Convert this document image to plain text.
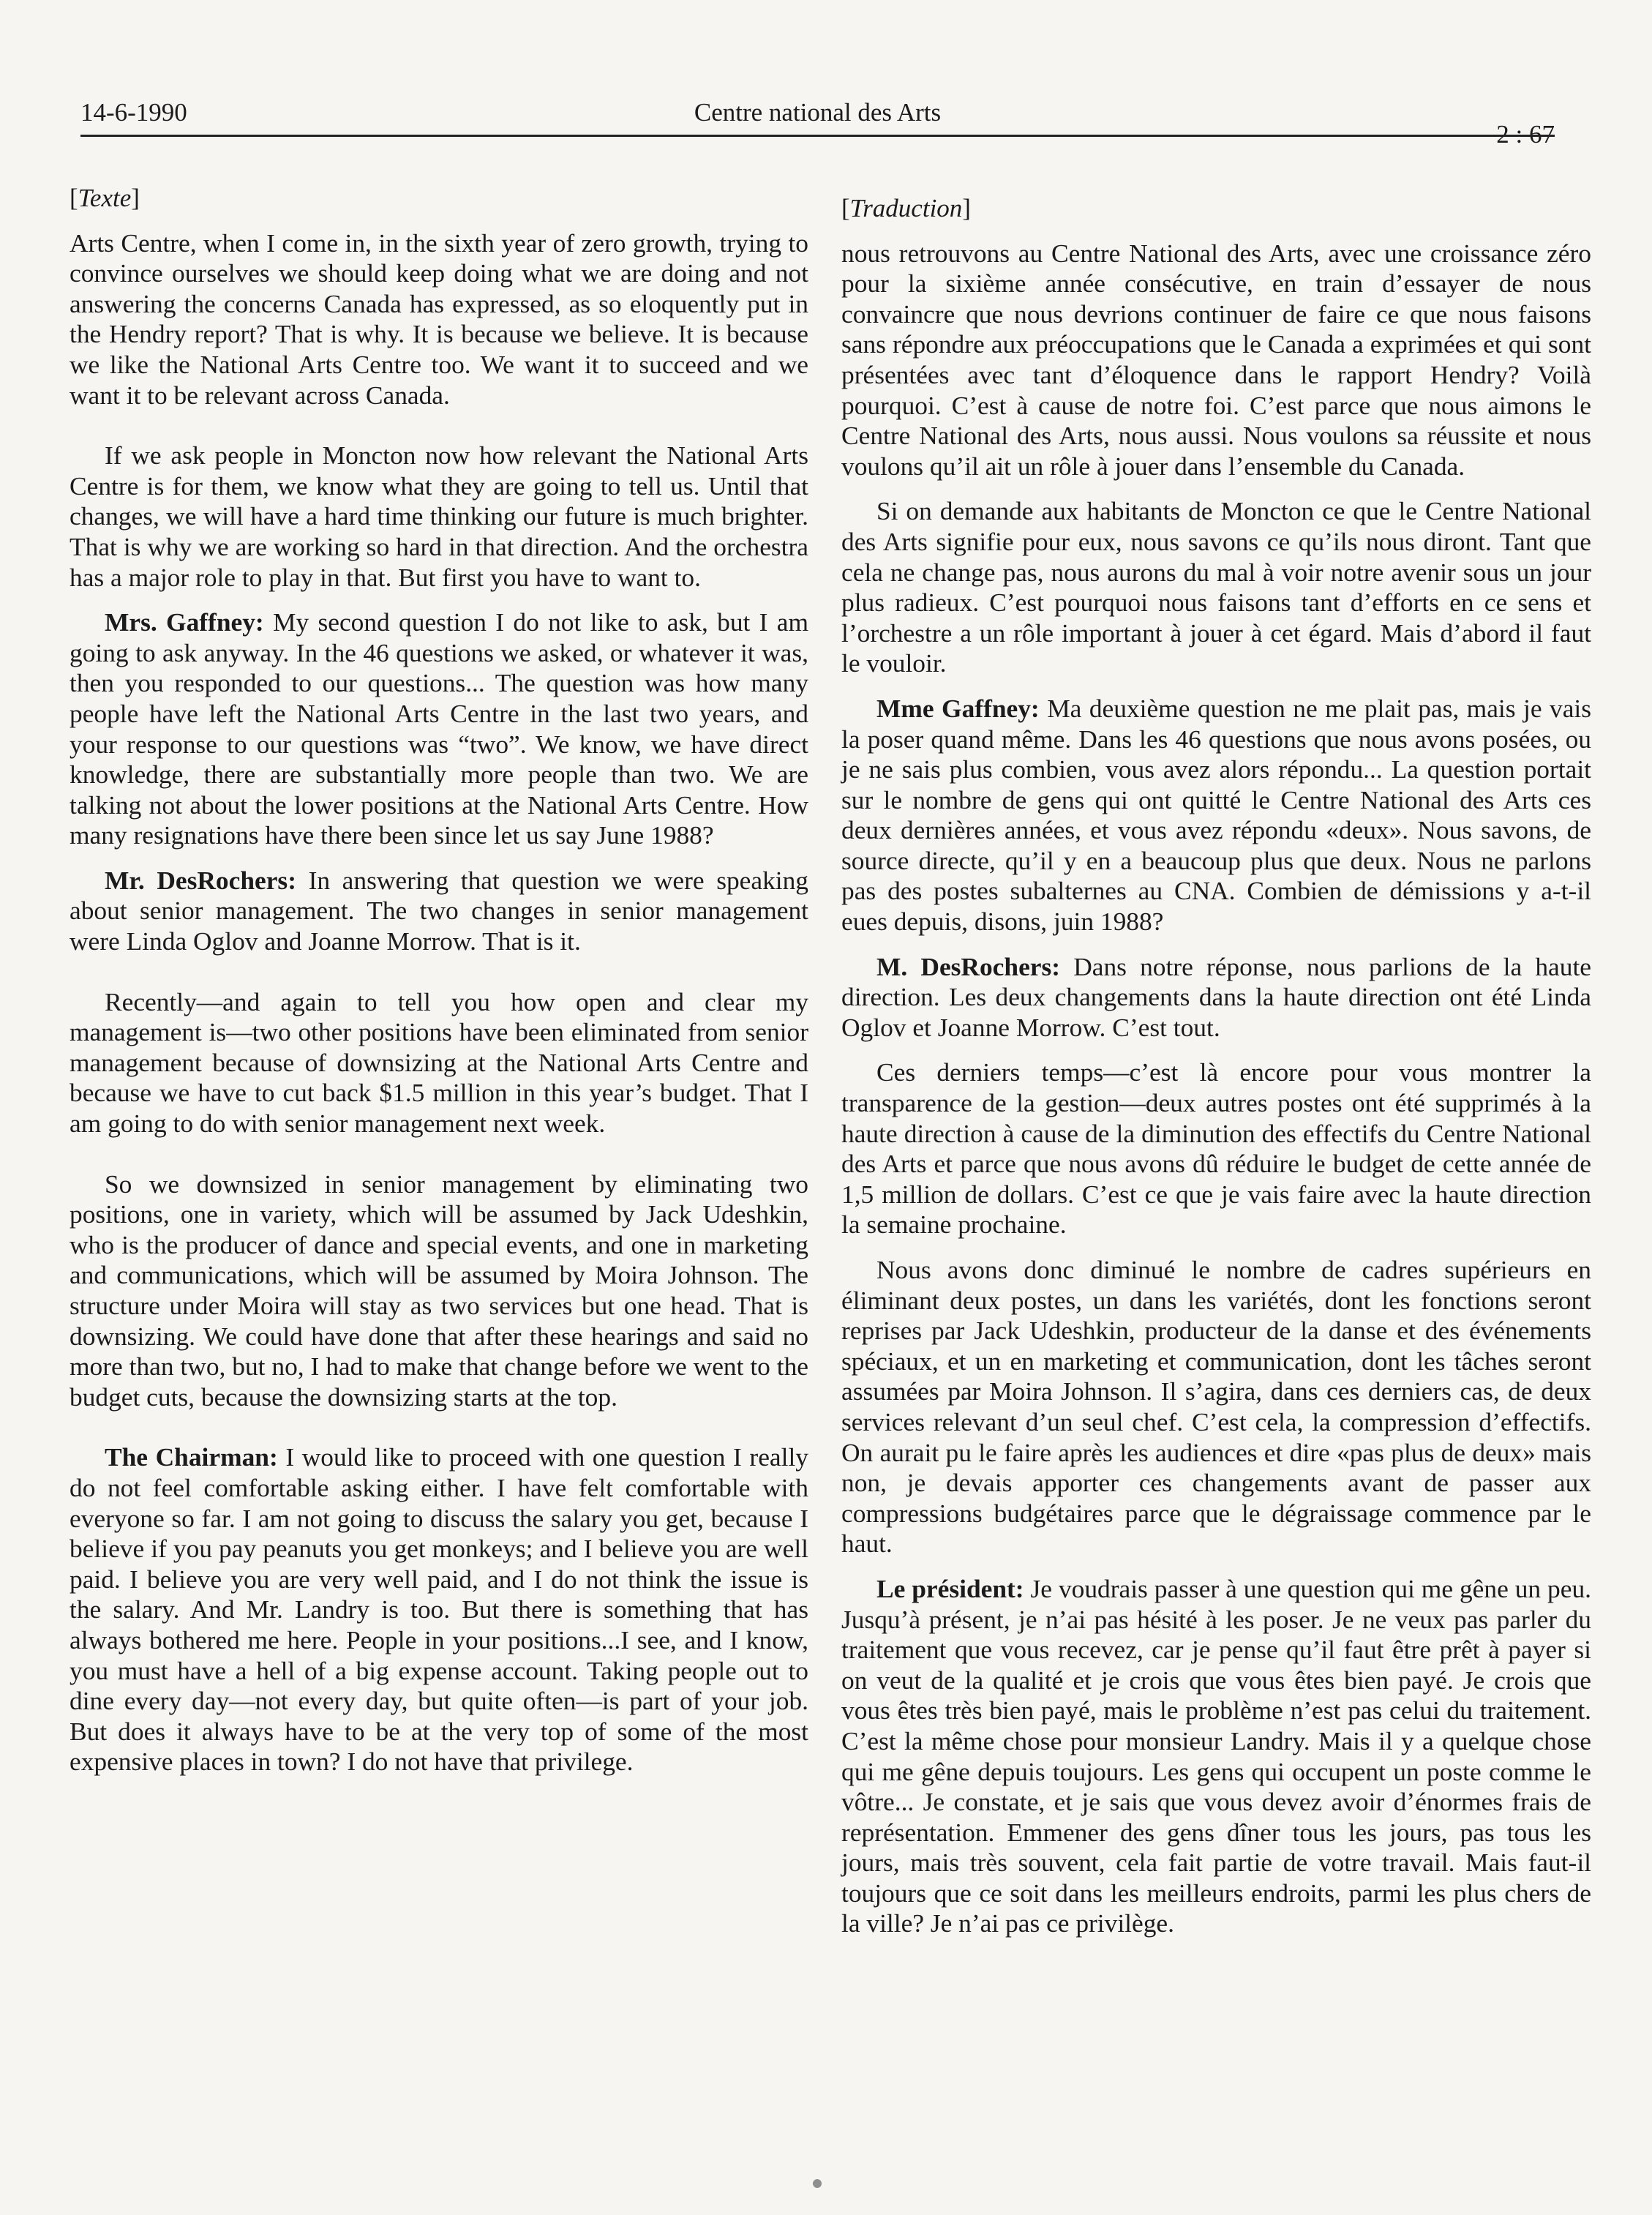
14-6-1990	Centre national des Arts
2 : 67
[Texte]

Arts Centre, when I come in, in the sixth year of zero growth, trying to convince ourselves we should keep doing what we are doing and not answering the concerns Canada has expressed, as so eloquently put in the Hendry report? That is why. It is because we believe. It is because we like the National Arts Centre too. We want it to succeed and we want it to be relevant across Canada.

If we ask people in Moncton now how relevant the National Arts Centre is for them, we know what they are going to tell us. Until that changes, we will have a hard time thinking our future is much brighter. That is why we are working so hard in that direction. And the orchestra has a major role to play in that. But first you have to want to.

Mrs. Gaffney: My second question I do not like to ask, but I am going to ask anyway. In the 46 questions we asked, or whatever it was, then you responded to our questions... The question was how many people have left the National Arts Centre in the last two years, and your response to our questions was “two”. We know, we have direct knowledge, there are substantially more people than two. We are talking not about the lower positions at the National Arts Centre. How many resignations have there been since let us say June 1988?

Mr. DesRochers: In answering that question we were speaking about senior management. The two changes in senior management were Linda Oglov and Joanne Morrow. That is it.

Recently—and again to tell you how open and clear my management is—two other positions have been eliminated from senior management because of downsizing at the National Arts Centre and because we have to cut back $1.5 million in this year’s budget. That I am going to do with senior management next week.

So we downsized in senior management by eliminating two positions, one in variety, which will be assumed by Jack Udeshkin, who is the producer of dance and special events, and one in marketing and communications, which will be assumed by Moira Johnson. The structure under Moira will stay as two services but one head. That is downsizing. We could have done that after these hearings and said no more than two, but no, I had to make that change before we went to the budget cuts, because the downsizing starts at the top.

The Chairman: I would like to proceed with one question I really do not feel comfortable asking either. I have felt comfortable with everyone so far. I am not going to discuss the salary you get, because I believe if you pay peanuts you get monkeys; and I believe you are well paid. I believe you are very well paid, and I do not think the issue is the salary. And Mr. Landry is too. But there is something that has always bothered me here. People in your positions...I see, and I know, you must have a hell of a big expense account. Taking people out to dine every day—not every day, but quite often—is part of your job. But does it always have to be at the very top of some of the most expensive places in town? I do not have that privilege.

[Traduction]

nous retrouvons au Centre National des Arts, avec une croissance zéro pour la sixième année consécutive, en train d’essayer de nous convaincre que nous devrions continuer de faire ce que nous faisons sans répondre aux préoccupations que le Canada a exprimées et qui sont présentées avec tant d’éloquence dans le rapport Hendry? Voilà pourquoi. C’est à cause de notre foi. C’est parce que nous aimons le Centre National des Arts, nous aussi. Nous voulons sa réussite et nous voulons qu’il ait un rôle à jouer dans l’ensemble du Canada.

Si on demande aux habitants de Moncton ce que le Centre National des Arts signifie pour eux, nous savons ce qu’ils nous diront. Tant que cela ne change pas, nous aurons du mal à voir notre avenir sous un jour plus radieux. C’est pourquoi nous faisons tant d’efforts en ce sens et l’orchestre a un rôle important à jouer à cet égard. Mais d’abord il faut le vouloir.

Mme Gaffney: Ma deuxième question ne me plait pas, mais je vais la poser quand même. Dans les 46 questions que nous avons posées, ou je ne sais plus combien, vous avez alors répondu... La question portait sur le nombre de gens qui ont quitté le Centre National des Arts ces deux dernières années, et vous avez répondu «deux». Nous savons, de source directe, qu’il y en a beaucoup plus que deux. Nous ne parlons pas des postes subalternes au CNA. Combien de démissions y a-t-il eues depuis, disons, juin 1988?

M. DesRochers: Dans notre réponse, nous parlions de la haute direction. Les deux changements dans la haute direction ont été Linda Oglov et Joanne Morrow. C’est tout.

Ces derniers temps—c’est là encore pour vous montrer la transparence de la gestion—deux autres postes ont été supprimés à la haute direction à cause de la diminution des effectifs du Centre National des Arts et parce que nous avons dû réduire le budget de cette année de 1,5 million de dollars. C’est ce que je vais faire avec la haute direction la semaine prochaine.

Nous avons donc diminué le nombre de cadres supérieurs en éliminant deux postes, un dans les variétés, dont les fonctions seront reprises par Jack Udeshkin, producteur de la danse et des événements spéciaux, et un en marketing et communication, dont les tâches seront assumées par Moira Johnson. Il s’agira, dans ces derniers cas, de deux services relevant d’un seul chef. C’est cela, la compression d’effectifs. On aurait pu le faire après les audiences et dire «pas plus de deux» mais non, je devais apporter ces changements avant de passer aux compressions budgétaires parce que le dégraissage commence par le haut.

Le président: Je voudrais passer à une question qui me gêne un peu. Jusqu’à présent, je n’ai pas hésité à les poser. Je ne veux pas parler du traitement que vous recevez, car je pense qu’il faut être prêt à payer si on veut de la qualité et je crois que vous êtes bien payé. Je crois que vous êtes très bien payé, mais le problème n’est pas celui du traitement. C’est la même chose pour monsieur Landry. Mais il y a quelque chose qui me gêne depuis toujours. Les gens qui occupent un poste comme le vôtre... Je constate, et je sais que vous devez avoir d’énormes frais de représentation. Emmener des gens dîner tous les jours, pas tous les jours, mais très souvent, cela fait partie de votre travail. Mais faut-il toujours que ce soit dans les meilleurs endroits, parmi les plus chers de la ville? Je n’ai pas ce privilège.
